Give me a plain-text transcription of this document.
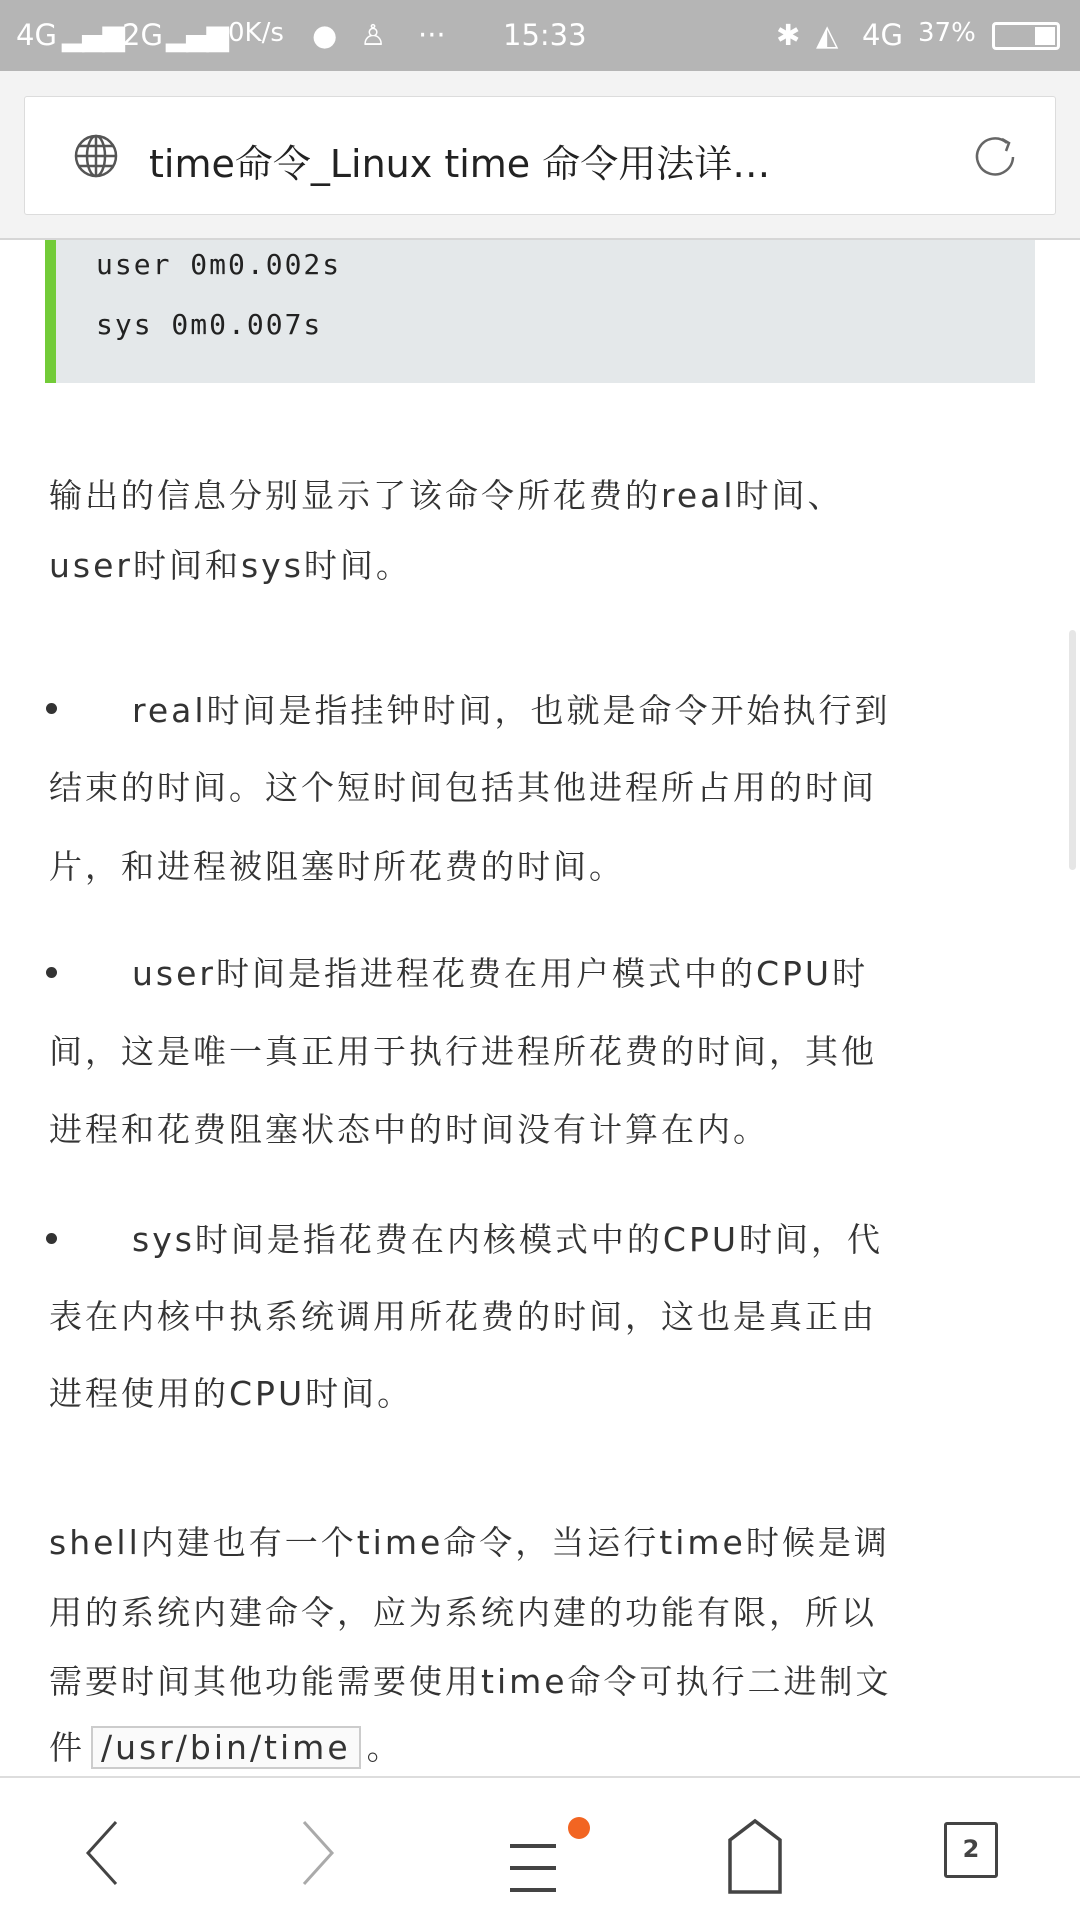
4G ▂▄▆ 2G ▂▄▆ 0K/s ● ♙ ··· 15:33	✱ ◭ 4G 37%
time命令_Linux time 命令用法详…
user 0m0.002s
sys 0m0.007s
输出的信息分别显示了该命令所花费的real时间、
user时间和sys时间。
real时间是指挂钟时间，也就是命令开始执行到
结束的时间。这个短时间包括其他进程所占用的时间
片，和进程被阻塞时所花费的时间。
user时间是指进程花费在用户模式中的CPU时
间，这是唯一真正用于执行进程所花费的时间，其他
进程和花费阻塞状态中的时间没有计算在内。
sys时间是指花费在内核模式中的CPU时间，代
表在内核中执系统调用所花费的时间，这也是真正由
进程使用的CPU时间。
shell内建也有一个time命令，当运行time时候是调
用的系统内建命令，应为系统内建的功能有限，所以
需要时间其他功能需要使用time命令可执行二进制文
件 /usr/bin/time 。
2
